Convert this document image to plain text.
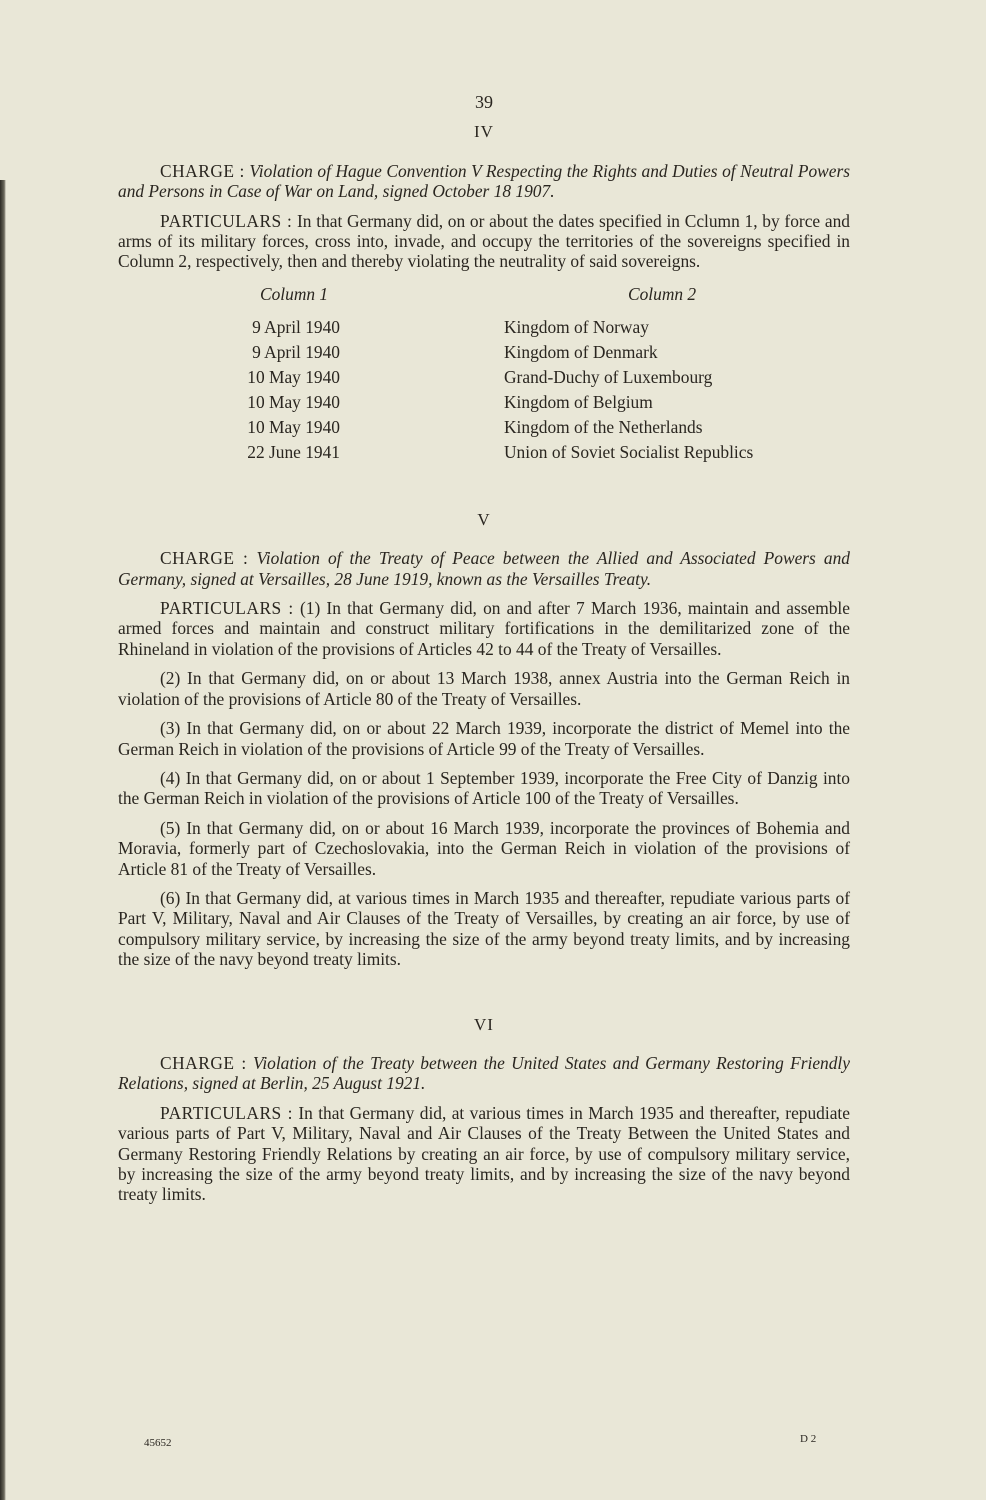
39
IV

CHARGE : Violation of Hague Convention V Respecting the Rights and Duties of Neutral Powers and Persons in Case of War on Land, signed October 18 1907.

PARTICULARS : In that Germany did, on or about the dates specified in Cclumn 1, by force and arms of its military forces, cross into, invade, and occupy the territories of the sovereigns specified in Column 2, respectively, then and thereby violating the neutrality of said sovereigns.

Column 1
9 April 1940
9 April 1940
10 May 1940
10 May 1940
10 May 1940
22 June 1941
Column 2
Kingdom of Norway
Kingdom of Denmark
Grand-Duchy of Luxembourg
Kingdom of Belgium
Kingdom of the Netherlands
Union of Soviet Socialist Republics
V

CHARGE : Violation of the Treaty of Peace between the Allied and Associated Powers and Germany, signed at Versailles, 28 June 1919, known as the Versailles Treaty.

PARTICULARS : (1) In that Germany did, on and after 7 March 1936, maintain and assemble armed forces and maintain and construct military fortifications in the demilitarized zone of the Rhineland in violation of the provisions of Articles 42 to 44 of the Treaty of Versailles.

(2) In that Germany did, on or about 13 March 1938, annex Austria into the German Reich in violation of the provisions of Article 80 of the Treaty of Versailles.

(3) In that Germany did, on or about 22 March 1939, incorporate the district of Memel into the German Reich in violation of the provisions of Article 99 of the Treaty of Versailles.

(4) In that Germany did, on or about 1 September 1939, incorporate the Free City of Danzig into the German Reich in violation of the provisions of Article 100 of the Treaty of Versailles.

(5) In that Germany did, on or about 16 March 1939, incorporate the provinces of Bohemia and Moravia, formerly part of Czechoslovakia, into the German Reich in violation of the provisions of Article 81 of the Treaty of Versailles.

(6) In that Germany did, at various times in March 1935 and thereafter, repudiate various parts of Part V, Military, Naval and Air Clauses of the Treaty of Versailles, by creating an air force, by use of compulsory military service, by increasing the size of the army beyond treaty limits, and by increasing the size of the navy beyond treaty limits.

VI

CHARGE : Violation of the Treaty between the United States and Germany Restoring Friendly Relations, signed at Berlin, 25 August 1921.

PARTICULARS : In that Germany did, at various times in March 1935 and thereafter, repudiate various parts of Part V, Military, Naval and Air Clauses of the Treaty Between the United States and Germany Restoring Friendly Relations by creating an air force, by use of compulsory military service, by increasing the size of the army beyond treaty limits, and by increasing the size of the navy beyond treaty limits.

45652	D 2
